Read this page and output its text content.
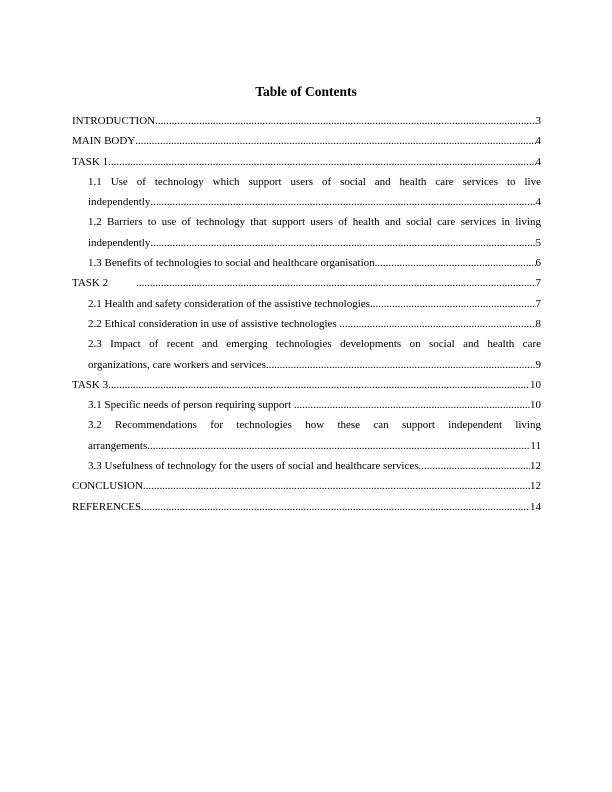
Table of Contents
INTRODUCTION .....	3
MAIN BODY .....	4
TASK 1 .....	4
1.1 Use of technology which support users of social and health care services to live
independently .....	4
1.2 Barriers to use of technology that support users of health and social care services in living
independently .....	5
1.3 Benefits of technologies to social and healthcare organisation .....	6
TASK 2 .....	7
2.1 Health and safety consideration of the assistive technologies .....	7
2.2 Ethical consideration in use of assistive technologies .....	8
2.3 Impact of recent and emerging technologies developments on social and health care
organizations, care workers and services .....	9
TASK 3 .....	10
3.1 Specific needs of person requiring support .....	10
3.2 Recommendations for technologies how these can support independent living
arrangements .....	11
3.3 Usefulness of technology for the users of social and healthcare services .....	12
CONCLUSION .....	12
REFERENCES .....	14
